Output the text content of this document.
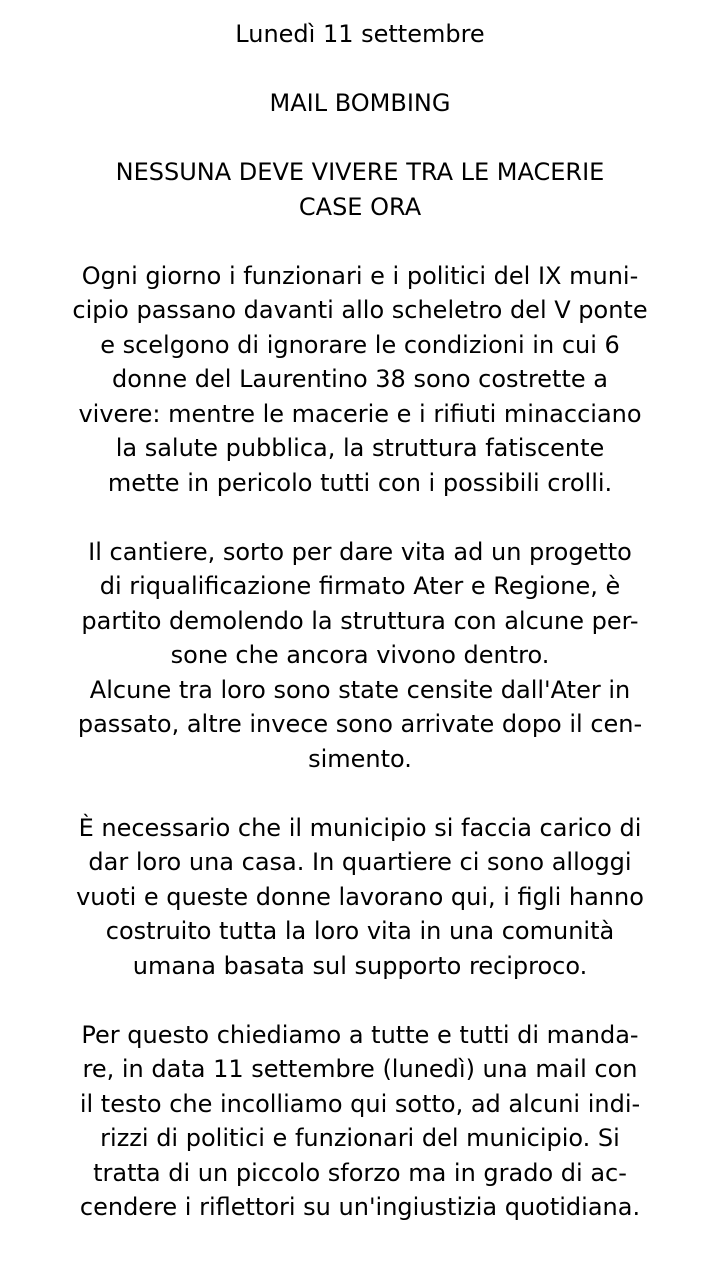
Lunedì 11 settembre
MAIL BOMBING
NESSUNA DEVE VIVERE TRA LE MACERIE
CASE ORA
Ogni giorno i funzionari e i politici del IX muni-
cipio passano davanti allo scheletro del V ponte
e scelgono di ignorare le condizioni in cui 6
donne del Laurentino 38 sono costrette a
vivere: mentre le macerie e i rifiuti minacciano
la salute pubblica, la struttura fatiscente
mette in pericolo tutti con i possibili crolli.
Il cantiere, sorto per dare vita ad un progetto
di riqualificazione firmato Ater e Regione, è
partito demolendo la struttura con alcune per-
sone che ancora vivono dentro.
Alcune tra loro sono state censite dall'Ater in
passato, altre invece sono arrivate dopo il cen-
simento.
È necessario che il municipio si faccia carico di
dar loro una casa. In quartiere ci sono alloggi
vuoti e queste donne lavorano qui, i figli hanno
costruito tutta la loro vita in una comunità
umana basata sul supporto reciproco.
Per questo chiediamo a tutte e tutti di manda-
re, in data 11 settembre (lunedì) una mail con
il testo che incolliamo qui sotto, ad alcuni indi-
rizzi di politici e funzionari del municipio. Si
tratta di un piccolo sforzo ma in grado di ac-
cendere i riflettori su un'ingiustizia quotidiana.
